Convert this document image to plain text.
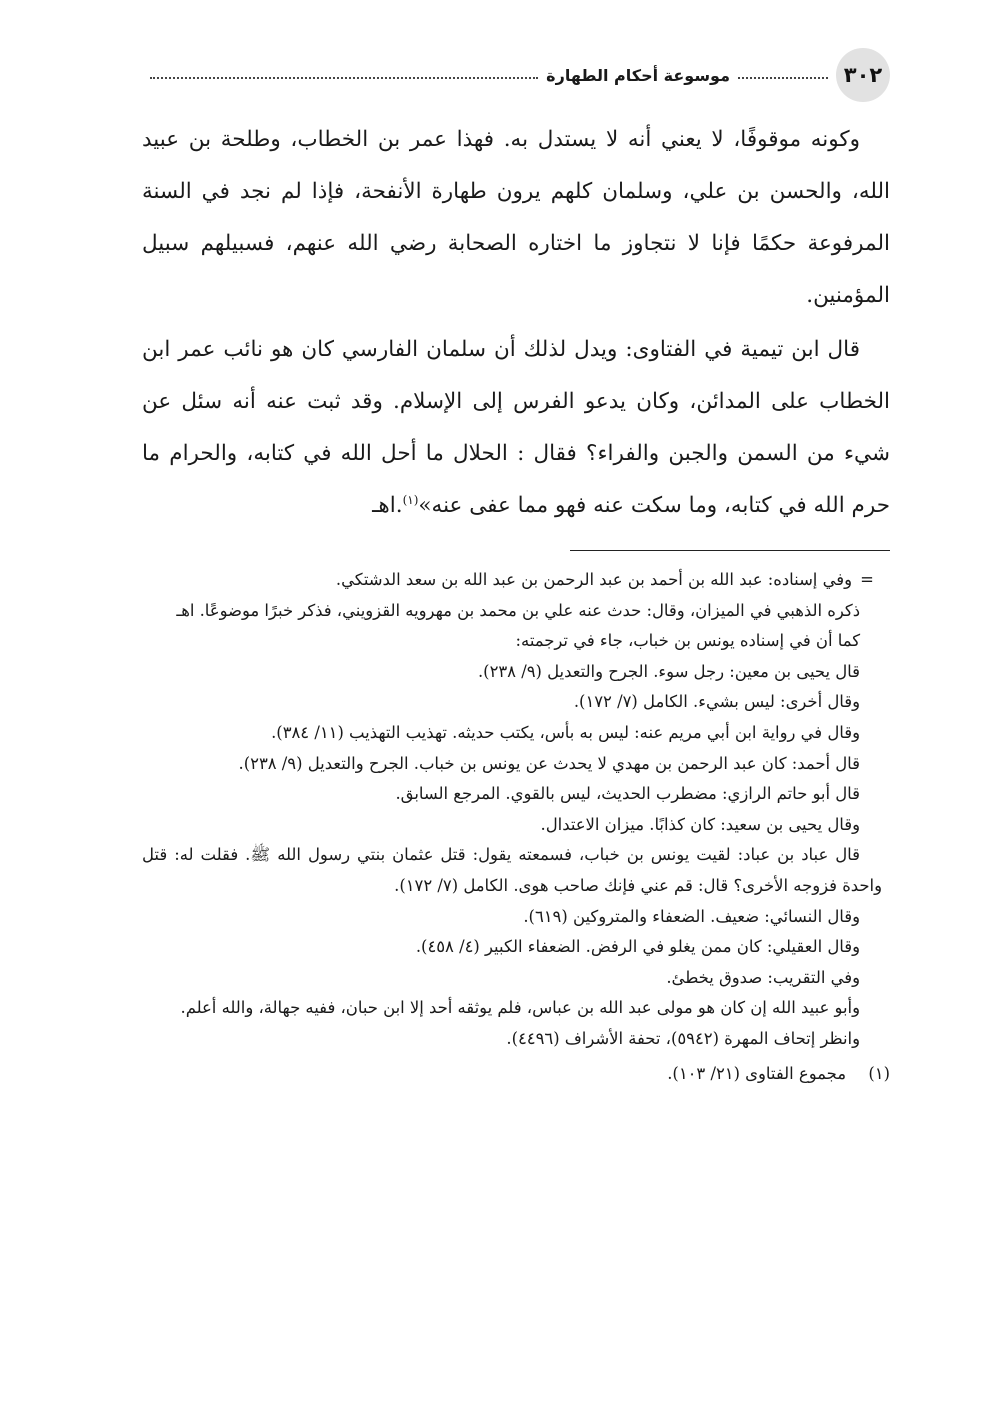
٣٠٢
موسوعة أحكام الطهارة

وكونه موقوفًا، لا يعني أنه لا يستدل به. فهذا عمر بن الخطاب، وطلحة بن عبيد الله، والحسن بن علي، وسلمان كلهم يرون طهارة الأنفحة، فإذا لم نجد في السنة المرفوعة حكمًا فإنا لا نتجاوز ما اختاره الصحابة رضي الله عنهم، فسبيلهم سبيل المؤمنين.

قال ابن تيمية في الفتاوى: ويدل لذلك أن سلمان الفارسي كان هو نائب عمر ابن الخطاب على المدائن، وكان يدعو الفرس إلى الإسلام. وقد ثبت عنه أنه سئل عن شيء من السمن والجبن والفراء؟ فقال : الحلال ما أحل الله في كتابه، والحرام ما حرم الله في كتابه، وما سكت عنه فهو مما عفى عنه»$^{(١)}$.اهـ

=وفي إسناده: عبد الله بن أحمد بن عبد الرحمن بن عبد الله بن سعد الدشتكي.

ذكره الذهبي في الميزان، وقال: حدث عنه علي بن محمد بن مهرويه القزويني، فذكر خبرًا موضوعًا. اهـ

كما أن في إسناده يونس بن خباب، جاء في ترجمته:

قال يحيى بن معين: رجل سوء. الجرح والتعديل (٩/ ٢٣٨).

وقال أخرى: ليس بشيء. الكامل (٧/ ١٧٢).

وقال في رواية ابن أبي مريم عنه: ليس به بأس، يكتب حديثه. تهذيب التهذيب (١١/ ٣٨٤).

قال أحمد: كان عبد الرحمن بن مهدي لا يحدث عن يونس بن خباب. الجرح والتعديل (٩/ ٢٣٨).

قال أبو حاتم الرازي: مضطرب الحديث، ليس بالقوي. المرجع السابق.

وقال يحيى بن سعيد: كان كذابًا. ميزان الاعتدال.

قال عباد بن عباد: لقيت يونس بن خباب، فسمعته يقول: قتل عثمان بنتي رسول الله ﷺ. فقلت له: قتل واحدة فزوجه الأخرى؟ قال: قم عني فإنك صاحب هوى. الكامل (٧/ ١٧٢).

وقال النسائي: ضعيف. الضعفاء والمتروكين (٦١٩).

وقال العقيلي: كان ممن يغلو في الرفض. الضعفاء الكبير (٤/ ٤٥٨).

وفي التقريب: صدوق يخطئ.

وأبو عبيد الله إن كان هو مولى عبد الله بن عباس، فلم يوثقه أحد إلا ابن حبان، ففيه جهالة، والله أعلم.

وانظر إتحاف المهرة (٥٩٤٢)، تحفة الأشراف (٤٤٩٦).

(١)مجموع الفتاوى (٢١/ ١٠٣).
